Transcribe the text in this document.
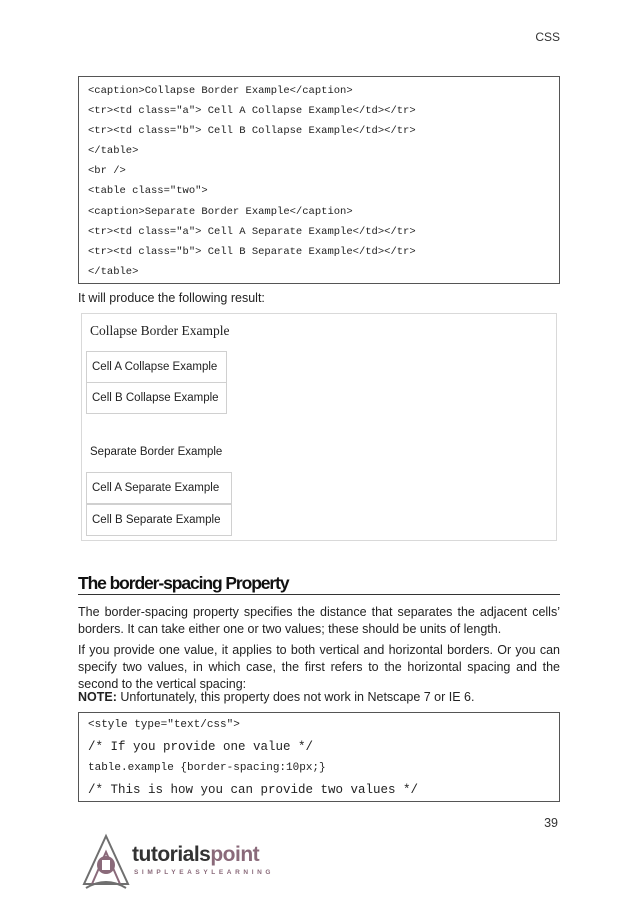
CSS
<caption>Collapse Border Example</caption>
<tr><td class="a"> Cell A Collapse Example</td></tr>
<tr><td class="b"> Cell B Collapse Example</td></tr>
</table>
<br />
<table class="two">
<caption>Separate Border Example</caption>
<tr><td class="a"> Cell A Separate Example</td></tr>
<tr><td class="b"> Cell B Separate Example</td></tr>
</table>
It will produce the following result:
Collapse Border Example
Cell A Collapse Example
Cell B Collapse Example
Separate Border Example
Cell A Separate Example
Cell B Separate Example
The border-spacing Property
The border-spacing property specifies the distance that separates the adjacent cells’ borders. It can take either one or two values; these should be units of length.
If you provide one value, it applies to both vertical and horizontal borders. Or you can specify two values, in which case, the first refers to the horizontal spacing and the second to the vertical spacing:
NOTE: Unfortunately, this property does not work in Netscape 7 or IE 6.
<style type="text/css">
/* If you provide one value */
table.example {border-spacing:10px;}
/* This is how you can provide two values */
39
tutorialspoint
SIMPLYEASYLEARNING
